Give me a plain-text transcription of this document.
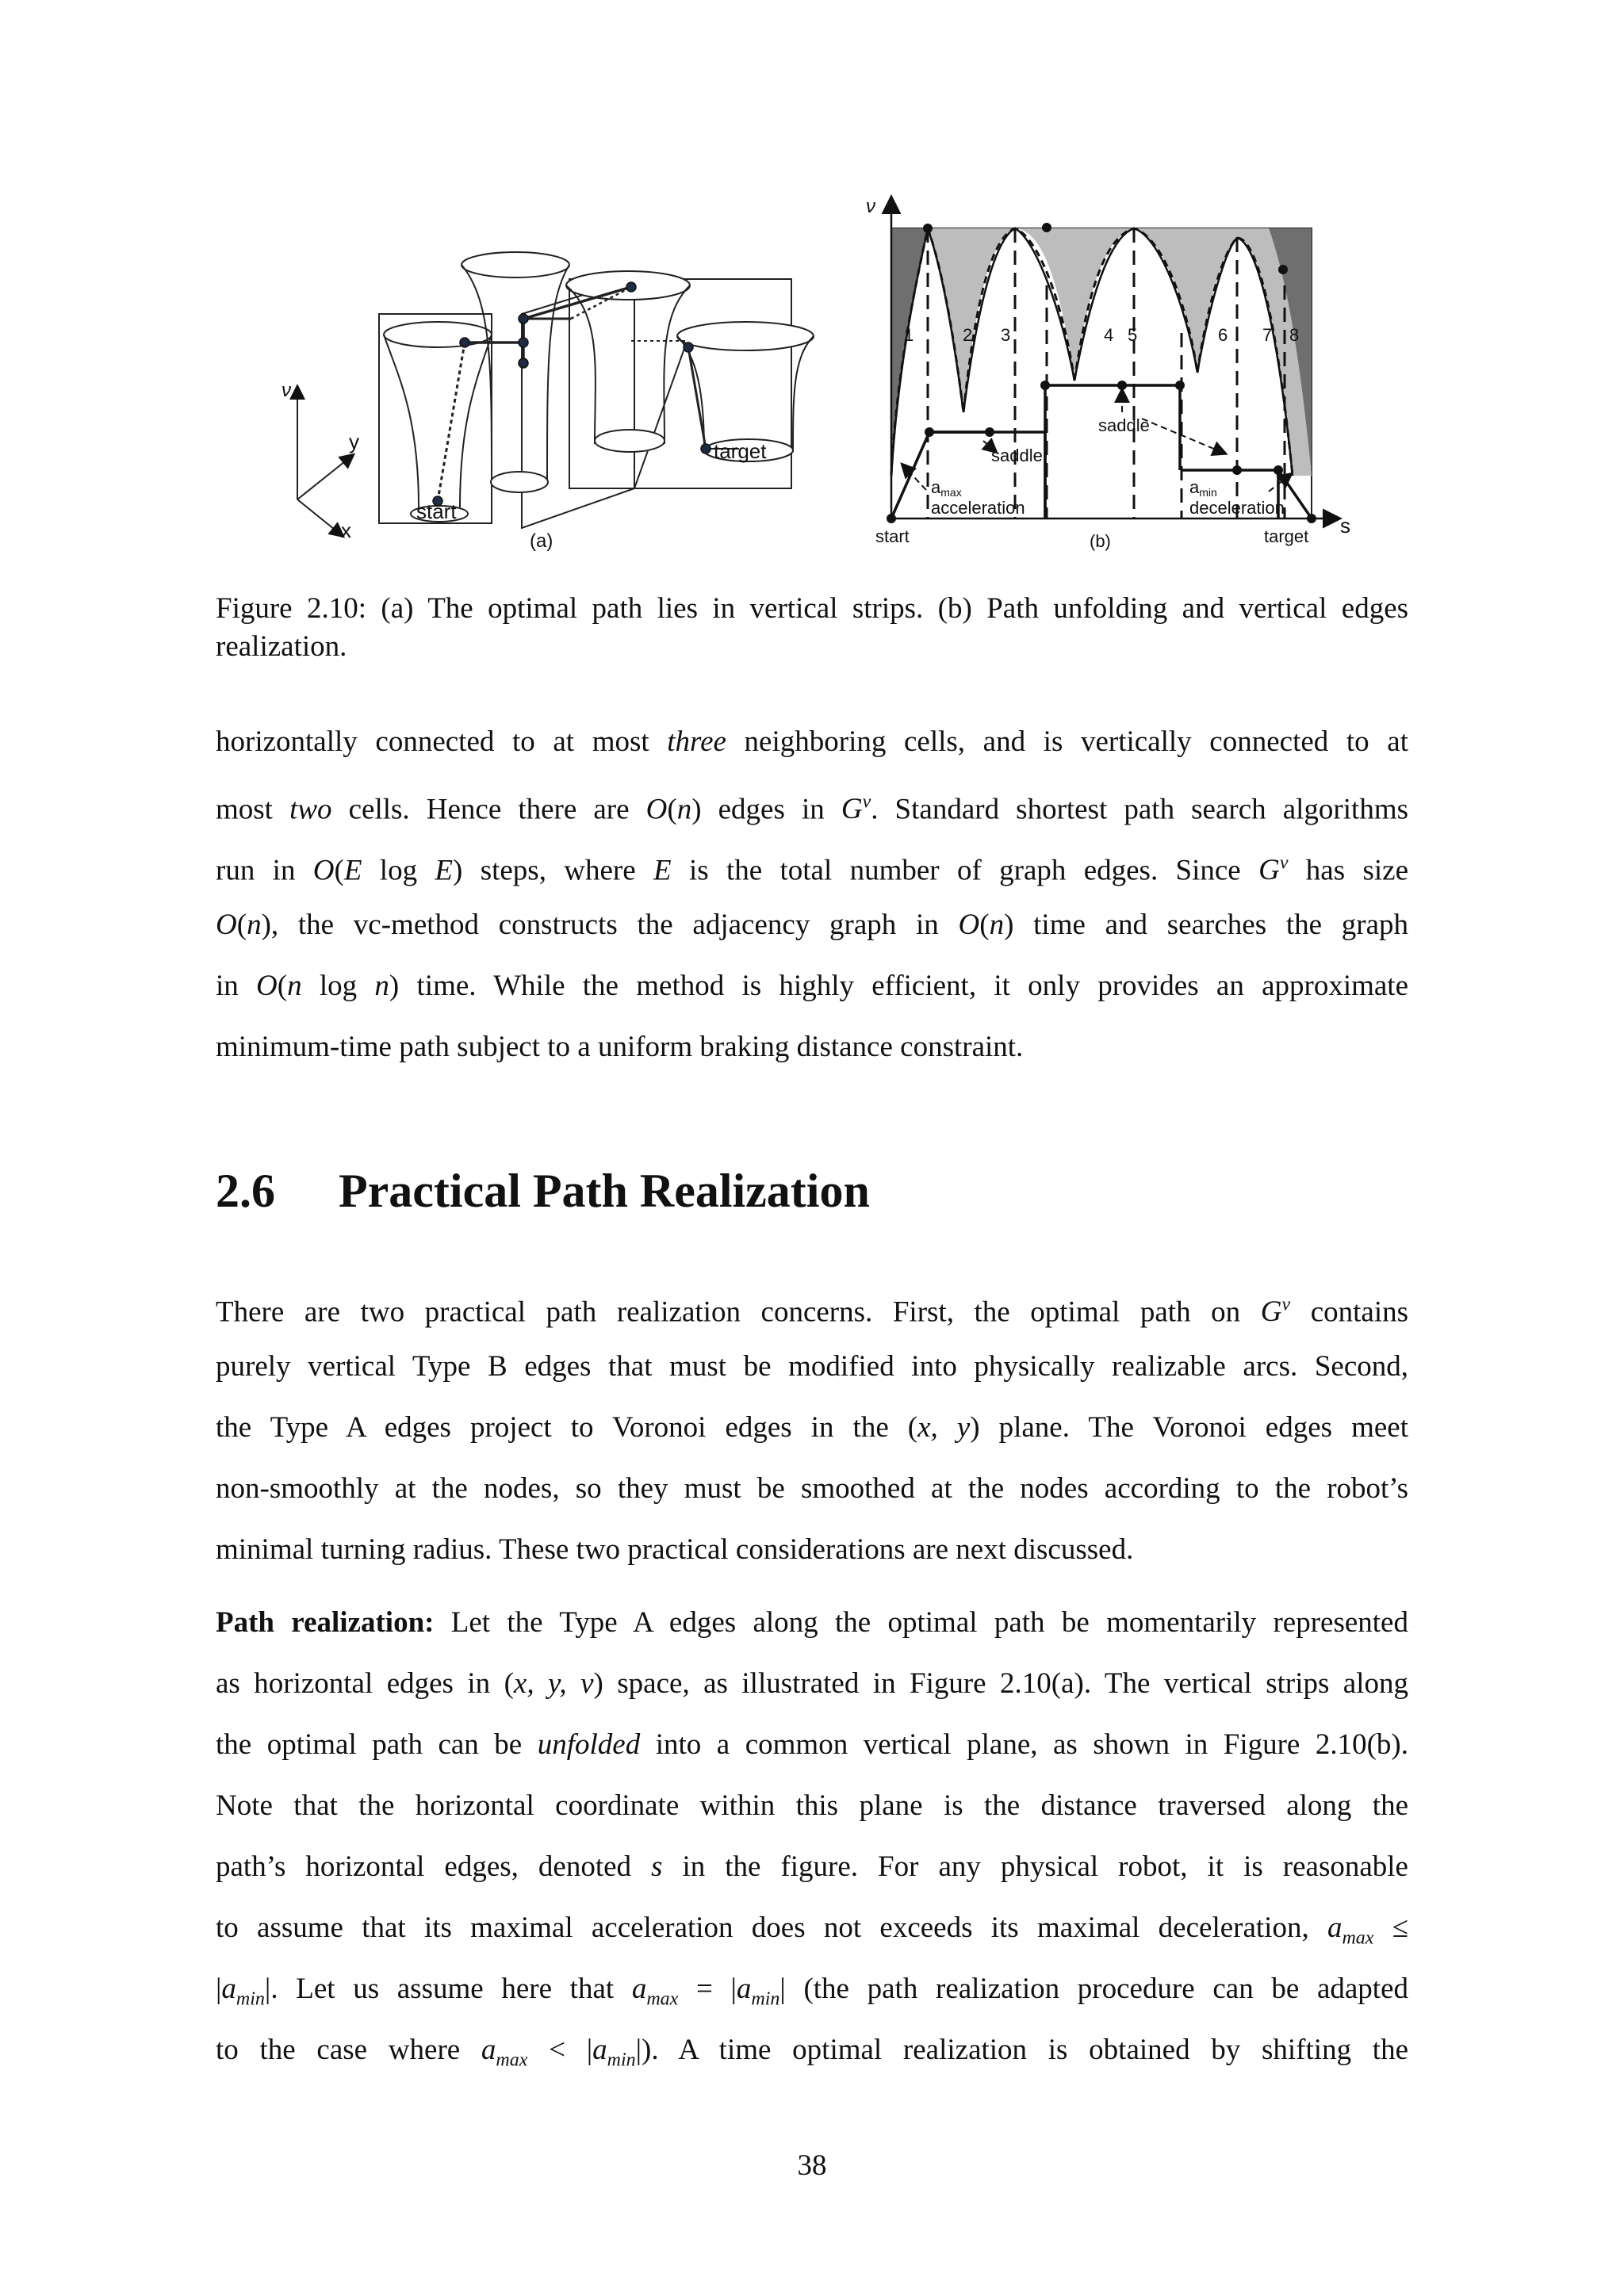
ν
y
x
start
target
(a)
ν
s
1	2 3	4 5	6 7 8
saddle
saddle
amax
acceleration
amin
deceleration
start	target
(b)
Figure 2.10: (a) The optimal path lies in vertical strips. (b) Path unfolding and vertical edges realization.
horizontally connected to at most three neighboring cells, and is vertically connected to at
most two cells. Hence there are O(n) edges in $G^v$. Standard shortest path search algorithms
run in O(E log E) steps, where E is the total number of graph edges. Since $G^v$ has size
O(n), the vc-method constructs the adjacency graph in O(n) time and searches the graph
in O(n log n) time. While the method is highly efficient, it only provides an approximate
minimum-time path subject to a uniform braking distance constraint.
2.6 Practical Path Realization
There are two practical path realization concerns. First, the optimal path on $G^v$ contains
purely vertical Type B edges that must be modified into physically realizable arcs. Second,
the Type A edges project to Voronoi edges in the (x, y) plane. The Voronoi edges meet
non-smoothly at the nodes, so they must be smoothed at the nodes according to the robot’s
minimal turning radius. These two practical considerations are next discussed.
Path realization: Let the Type A edges along the optimal path be momentarily represented
as horizontal edges in (x, y, ν) space, as illustrated in Figure 2.10(a). The vertical strips along
the optimal path can be unfolded into a common vertical plane, as shown in Figure 2.10(b).
Note that the horizontal coordinate within this plane is the distance traversed along the
path’s horizontal edges, denoted s in the figure. For any physical robot, it is reasonable
to assume that its maximal acceleration does not exceeds its maximal deceleration, $a_{max}$ ≤
$|a_{min}|$. Let us assume here that $a_{max} = |a_{min}|$ (the path realization procedure can be adapted
to the case where $a_{max} < |a_{min}|$). A time optimal realization is obtained by shifting the
38
